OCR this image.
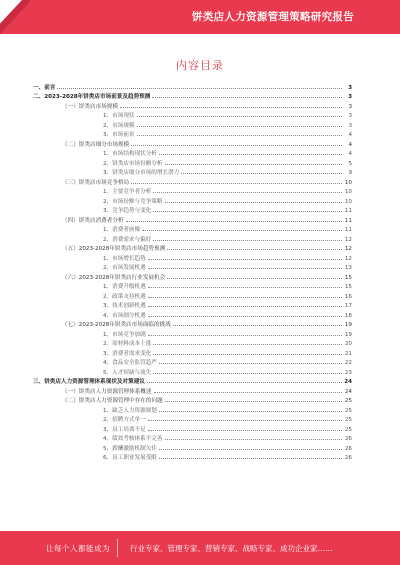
饼类店人力资源管理策略研究报告
内容目录
一、前言	3
二、2023-2028年饼类店市场前景及趋势预测	3
（一）饼类店市场规模	3
1、市场现状	3
2、市场规模	3
3、市场前景	4
（二）饼类店细分市场规模	4
1、市场结构现状分析	4
2、饼类店市场份额分析	5
3、饼类店细分市场的增长潜力	9
（三）饼类店市场竞争格局	10
1、主要竞争者分析	10
2、市场份额与竞争策略	10
3、竞争趋势与变化	11
（四）饼类店消费者分析	11
1、消费者画像	11
2、消费需求与偏好	12
（五）2023-2028年饼类店市场趋势预测	12
1、市场增长趋势	12
2、市场发展机遇	13
（六）2023-2028年饼类店行业发展机会	15
1、消费升级机遇	15
2、政策支持机遇	16
3、技术创新机遇	17
4、市场细分机遇	18
（七）2023-2028年饼类店市场面临的挑战	19
1、市场竞争加剧	19
2、原材料成本上涨	20
3、消费者需求变化	21
4、食品安全监管趋严	22
5、人才短缺与流失	23
三、饼类店人力资源管理体系现状及对策建议	24
（一）饼类店人力资源管理体系概述	24
（二）饼类店人力资源管理中存在的问题	25
1、缺乏人力资源规划	25
2、招聘方式单一	25
3、员工培训不足	25
4、绩效考核体系不完善	26
5、薪酬激励机制欠佳	26
6、员工职业发展受限	26
让每个人都能成为	行业专家、管理专家、营销专家、战略专家、成功企业家……
